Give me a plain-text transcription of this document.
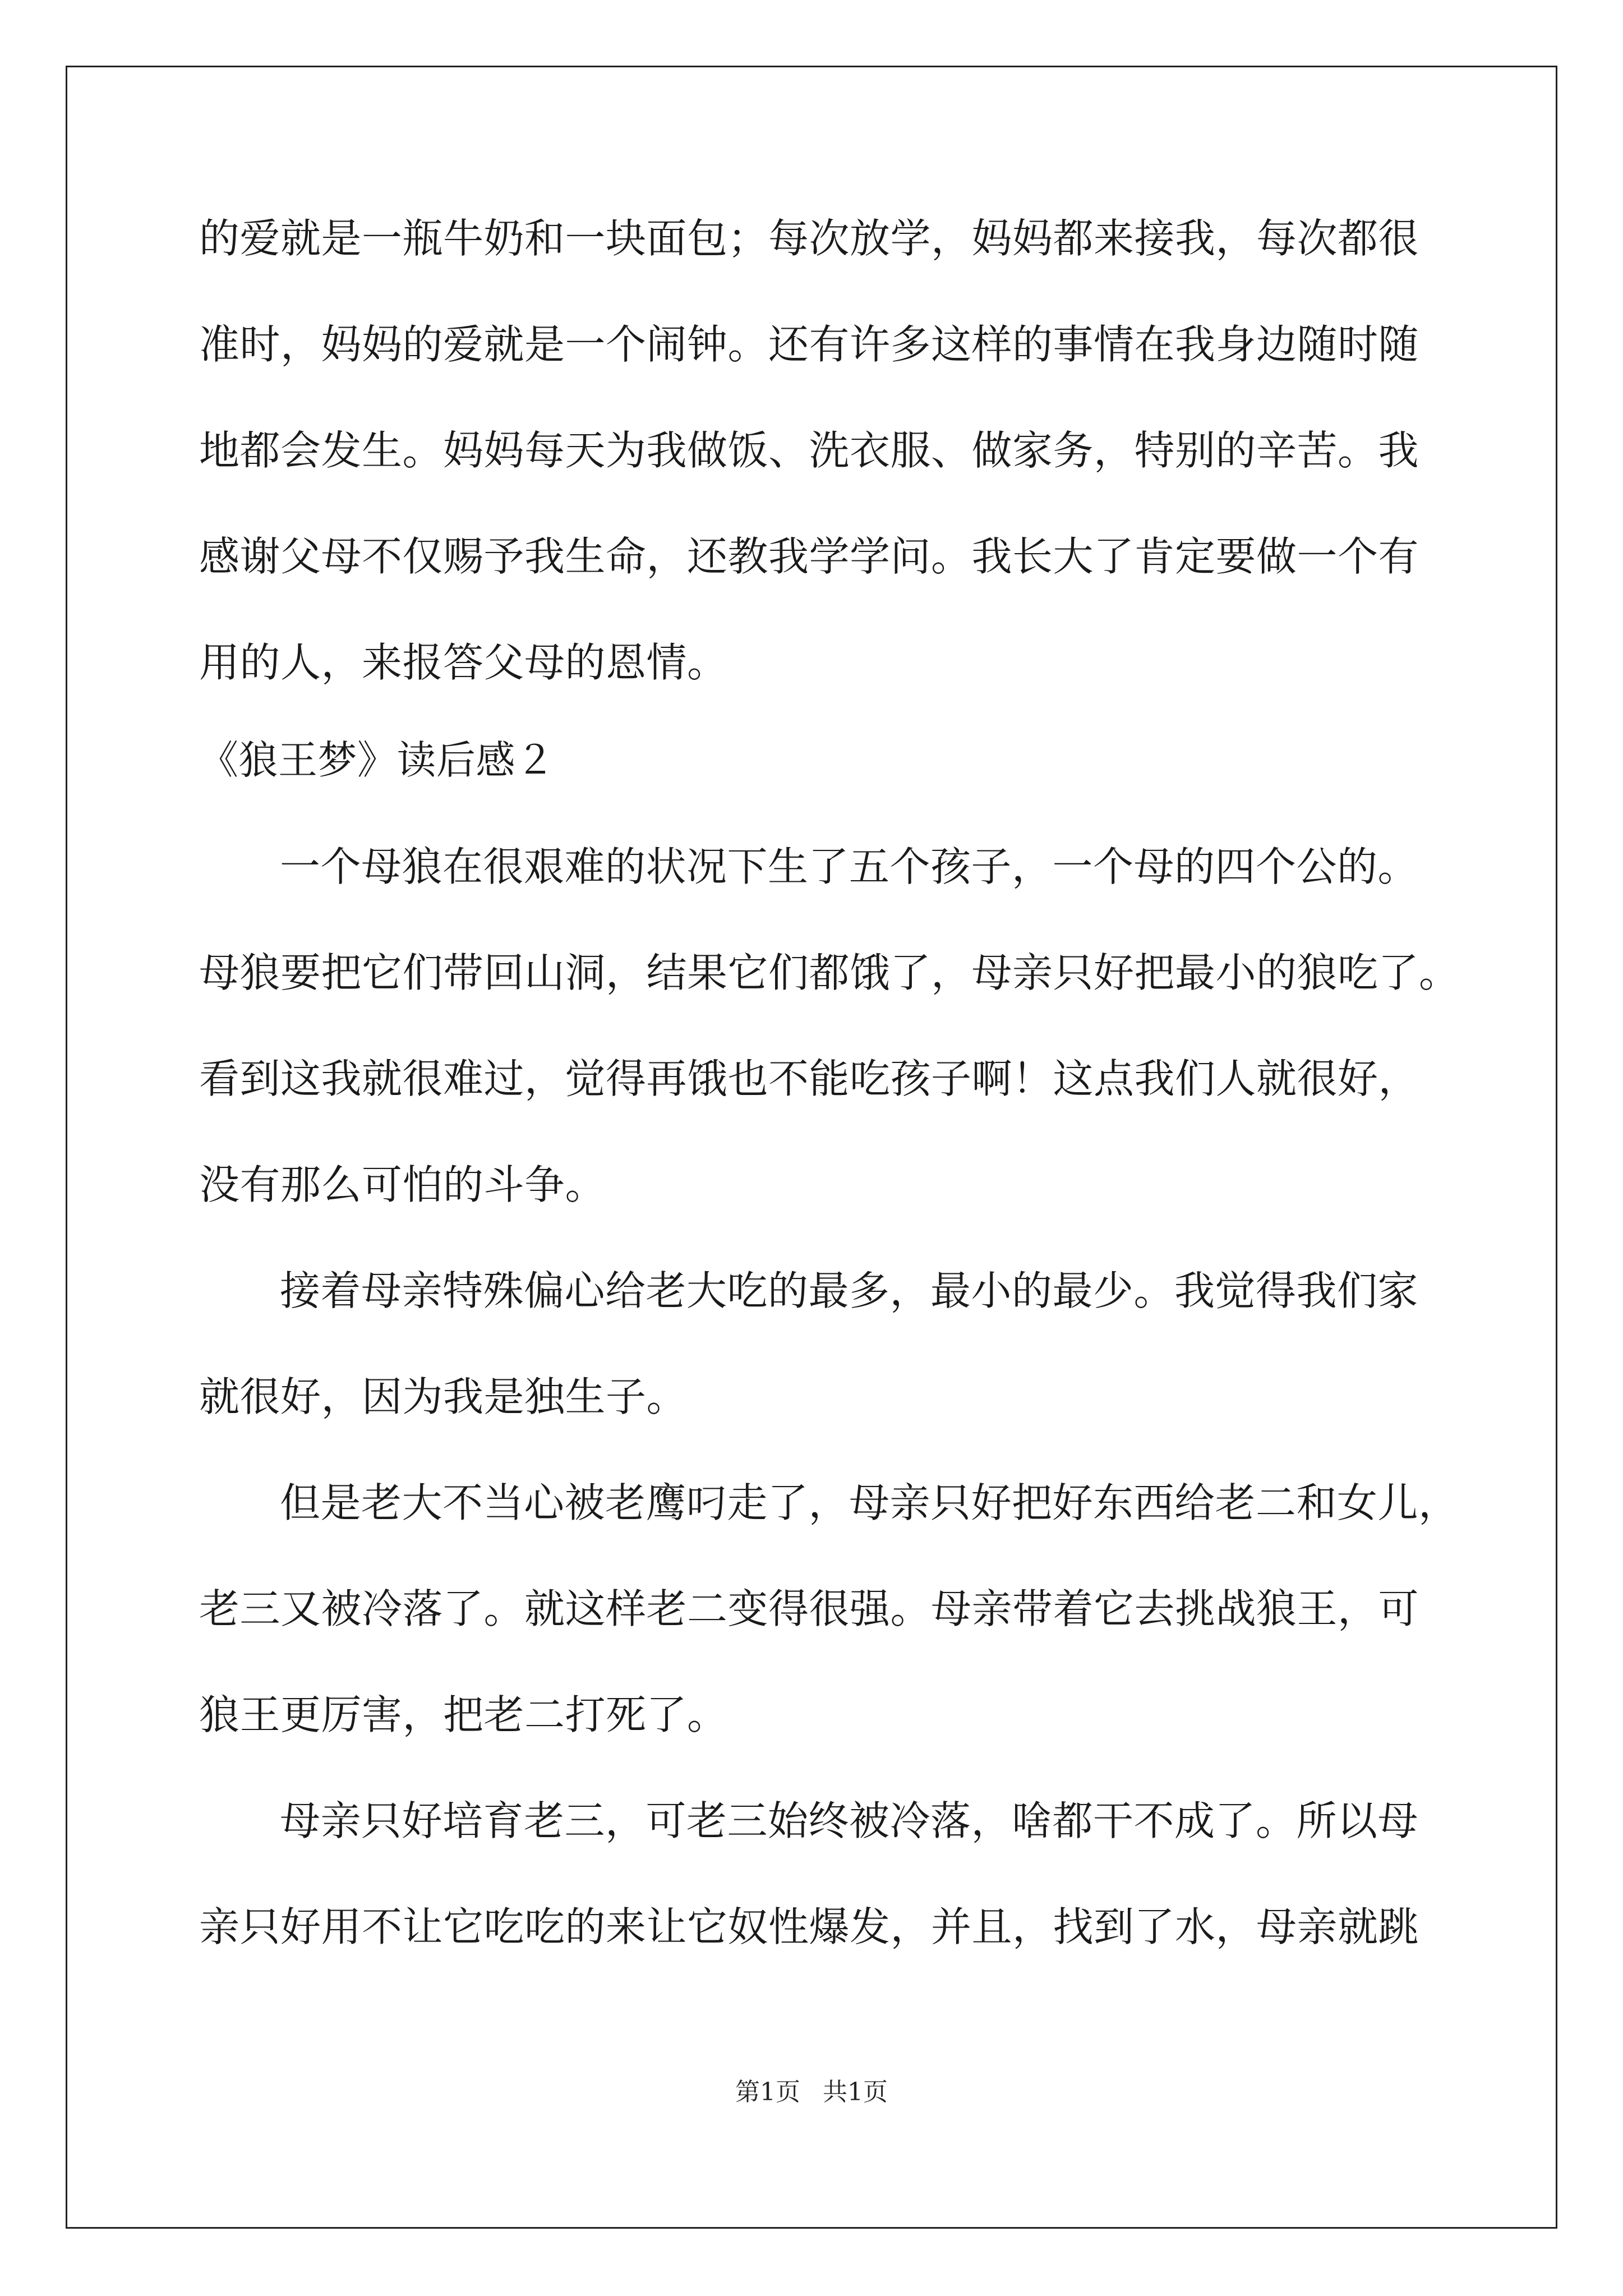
的爱就是一瓶牛奶和一块面包；每次放学，妈妈都来接我，每次都很
准时，妈妈的爱就是一个闹钟。还有许多这样的事情在我身边随时随
地都会发生。妈妈每天为我做饭、洗衣服、做家务，特别的辛苦。我
感谢父母不仅赐予我生命，还教我学学问。我长大了肯定要做一个有
用的人，来报答父母的恩情。
《狼王梦》读后感２
一个母狼在很艰难的状况下生了五个孩子，一个母的四个公的。
母狼要把它们带回山洞，结果它们都饿了，母亲只好把最小的狼吃了。
看到这我就很难过，觉得再饿也不能吃孩子啊！这点我们人就很好，
没有那么可怕的斗争。
接着母亲特殊偏心给老大吃的最多，最小的最少。我觉得我们家
就很好，因为我是独生子。
但是老大不当心被老鹰叼走了，母亲只好把好东西给老二和女儿，
老三又被冷落了。就这样老二变得很强。母亲带着它去挑战狼王，可
狼王更厉害，把老二打死了。
母亲只好培育老三，可老三始终被冷落，啥都干不成了。所以母
亲只好用不让它吃吃的来让它奴性爆发，并且，找到了水，母亲就跳
第1页 共1页
